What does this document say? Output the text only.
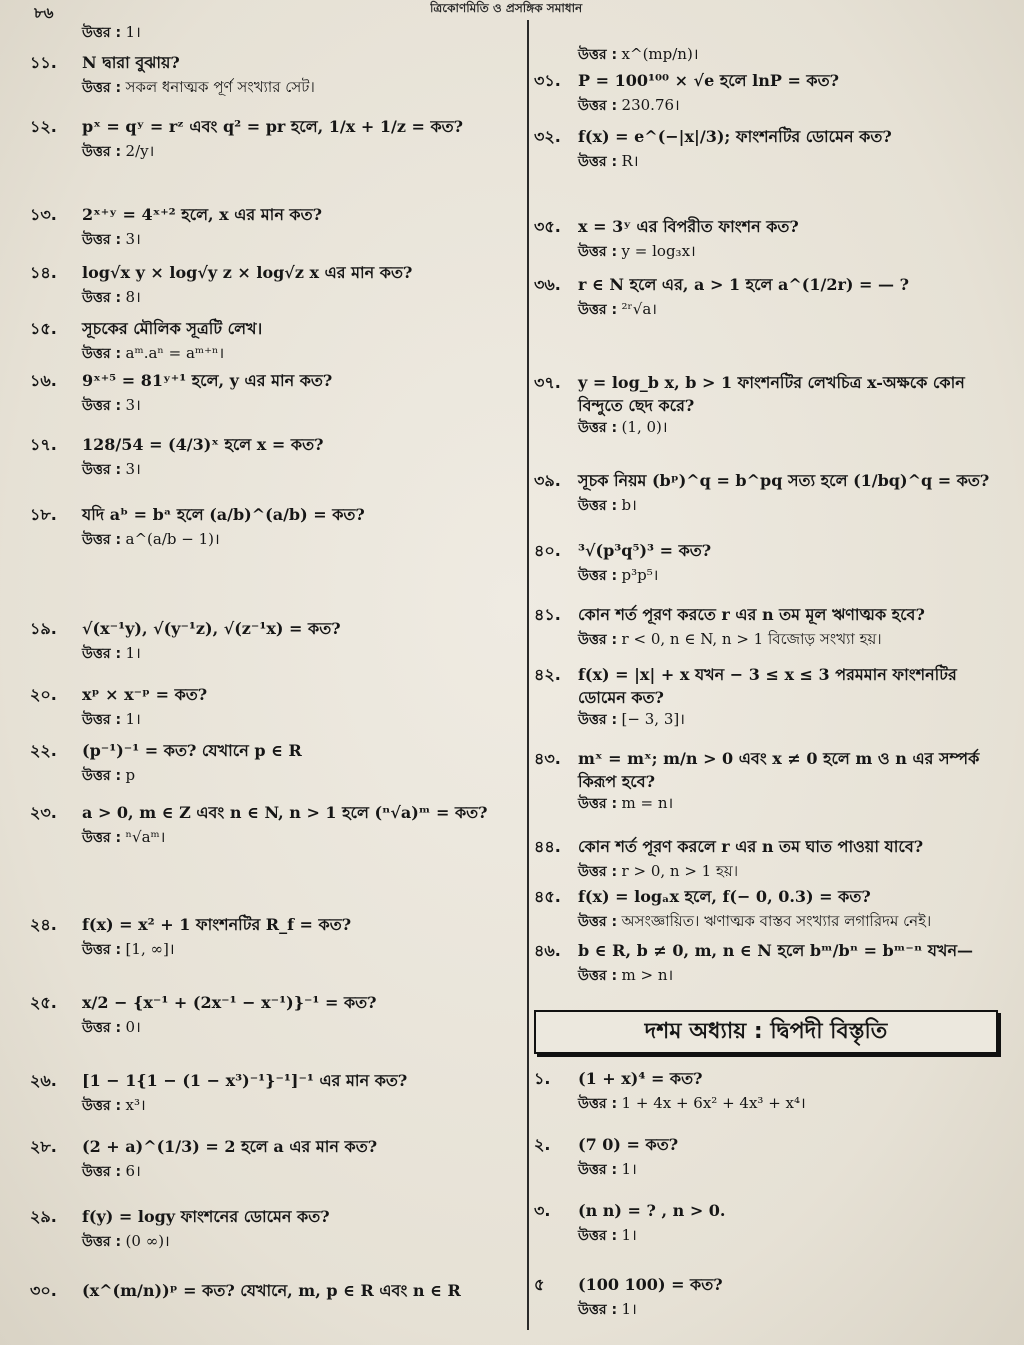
৮৬	ত্রিকোণমিতি ও প্রসঙ্গিক সমাধান
উত্তর : 1।
১১.	N দ্বারা বুঝায়?
উত্তর : সকল ধনাত্মক পূর্ণ সংখ্যার সেট।
১২.	pˣ = qʸ = rᶻ এবং q² = pr হলে, 1/x + 1/z = কত?
উত্তর : 2/y।
১৩.	2ˣ⁺ʸ = 4ˣ⁺² হলে, x এর মান কত?
উত্তর : 3।
১৪.	log√x y × log√y z × log√z x এর মান কত?
উত্তর : 8।
১৫.	সূচকের মৌলিক সূত্রটি লেখ।
উত্তর : aᵐ.aⁿ = aᵐ⁺ⁿ।
১৬.	9ˣ⁺⁵ = 81ʸ⁺¹ হলে, y এর মান কত?
উত্তর : 3।
১৭.	128/54 = (4/3)ˣ হলে x = কত?
উত্তর : 3।
১৮.	যদি aᵇ = bᵃ হলে (a/b)^(a/b) = কত?
উত্তর : a^(a/b − 1)।
১৯.	√(x⁻¹y), √(y⁻¹z), √(z⁻¹x) = কত?
উত্তর : 1।
২০.	xᵖ × x⁻ᵖ = কত?
উত্তর : 1।
২২.	(p⁻¹)⁻¹ = কত? যেখানে p ∈ R
উত্তর : p
২৩.	a > 0, m ∈ Z এবং n ∈ N, n > 1 হলে (ⁿ√a)ᵐ = কত?
উত্তর : ⁿ√aᵐ।
২৪.	f(x) = x² + 1 ফাংশনটির R_f = কত?
উত্তর : [1, ∞]।
২৫.	x/2 − {x⁻¹ + (2x⁻¹ − x⁻¹)}⁻¹ = কত?
উত্তর : 0।
২৬.	[1 − 1{1 − (1 − x³)⁻¹}⁻¹]⁻¹ এর মান কত?
উত্তর : x³।
২৮.	(2 + a)^(1/3) = 2 হলে a এর মান কত?
উত্তর : 6।
২৯.	f(y) = logy ফাংশনের ডোমেন কত?
উত্তর : (0 ∞)।
৩০.	(x^(m/n))ᵖ = কত? যেখানে, m, p ∈ R এবং n ∈ R
উত্তর : x^(mp/n)।
৩১.	P = 100¹⁰⁰ × √e হলে lnP = কত?
উত্তর : 230.76।
৩২.	f(x) = e^(−|x|/3); ফাংশনটির ডোমেন কত?
উত্তর : R।
৩৫.	x = 3ʸ এর বিপরীত ফাংশন কত?
উত্তর : y = log₃x।
৩৬.	r ∈ N হলে এর, a > 1 হলে a^(1/2r) = — ?
উত্তর : ²ʳ√a।
৩৭.	y = log_b x, b > 1 ফাংশনটির লেখচিত্র x-অক্ষকে কোন বিন্দুতে ছেদ করে?
উত্তর : (1, 0)।
৩৯.	সূচক নিয়ম (bᵖ)^q = b^pq সত্য হলে (1/bq)^q = কত?
উত্তর : b।
৪০.	³√(p³q⁵)³ = কত?
উত্তর : p³p⁵।
৪১.	কোন শর্ত পূরণ করতে r এর n তম মূল ঋণাত্মক হবে?
উত্তর : r < 0, n ∈ N, n > 1 বিজোড় সংখ্যা হয়।
৪২.	f(x) = |x| + x যখন − 3 ≤ x ≤ 3 পরমমান ফাংশনটির ডোমেন কত?
উত্তর : [− 3, 3]।
৪৩.	mˣ = mˣ; m/n > 0 এবং x ≠ 0 হলে m ও n এর সম্পর্ক কিরূপ হবে?
উত্তর : m = n।
৪৪.	কোন শর্ত পূরণ করলে r এর n তম ঘাত পাওয়া যাবে?
উত্তর : r > 0, n > 1 হয়।
৪৫.	f(x) = logₐx হলে, f(− 0, 0.3) = কত?
উত্তর : অসংজ্ঞায়িত। ঋণাত্মক বাস্তব সংখ্যার লগারিদম নেই।
৪৬.	b ∈ R, b ≠ 0, m, n ∈ N হলে bᵐ/bⁿ = bᵐ⁻ⁿ যখন—
উত্তর : m > n।
দশম অধ্যায় : দ্বিপদী বিস্তৃতি
১.	(1 + x)⁴ = কত?
উত্তর : 1 + 4x + 6x² + 4x³ + x⁴।
২.	(7 0) = কত?
উত্তর : 1।
৩.	(n n) = ? , n > 0.
উত্তর : 1।
৫	(100 100) = কত?
উত্তর : 1।
